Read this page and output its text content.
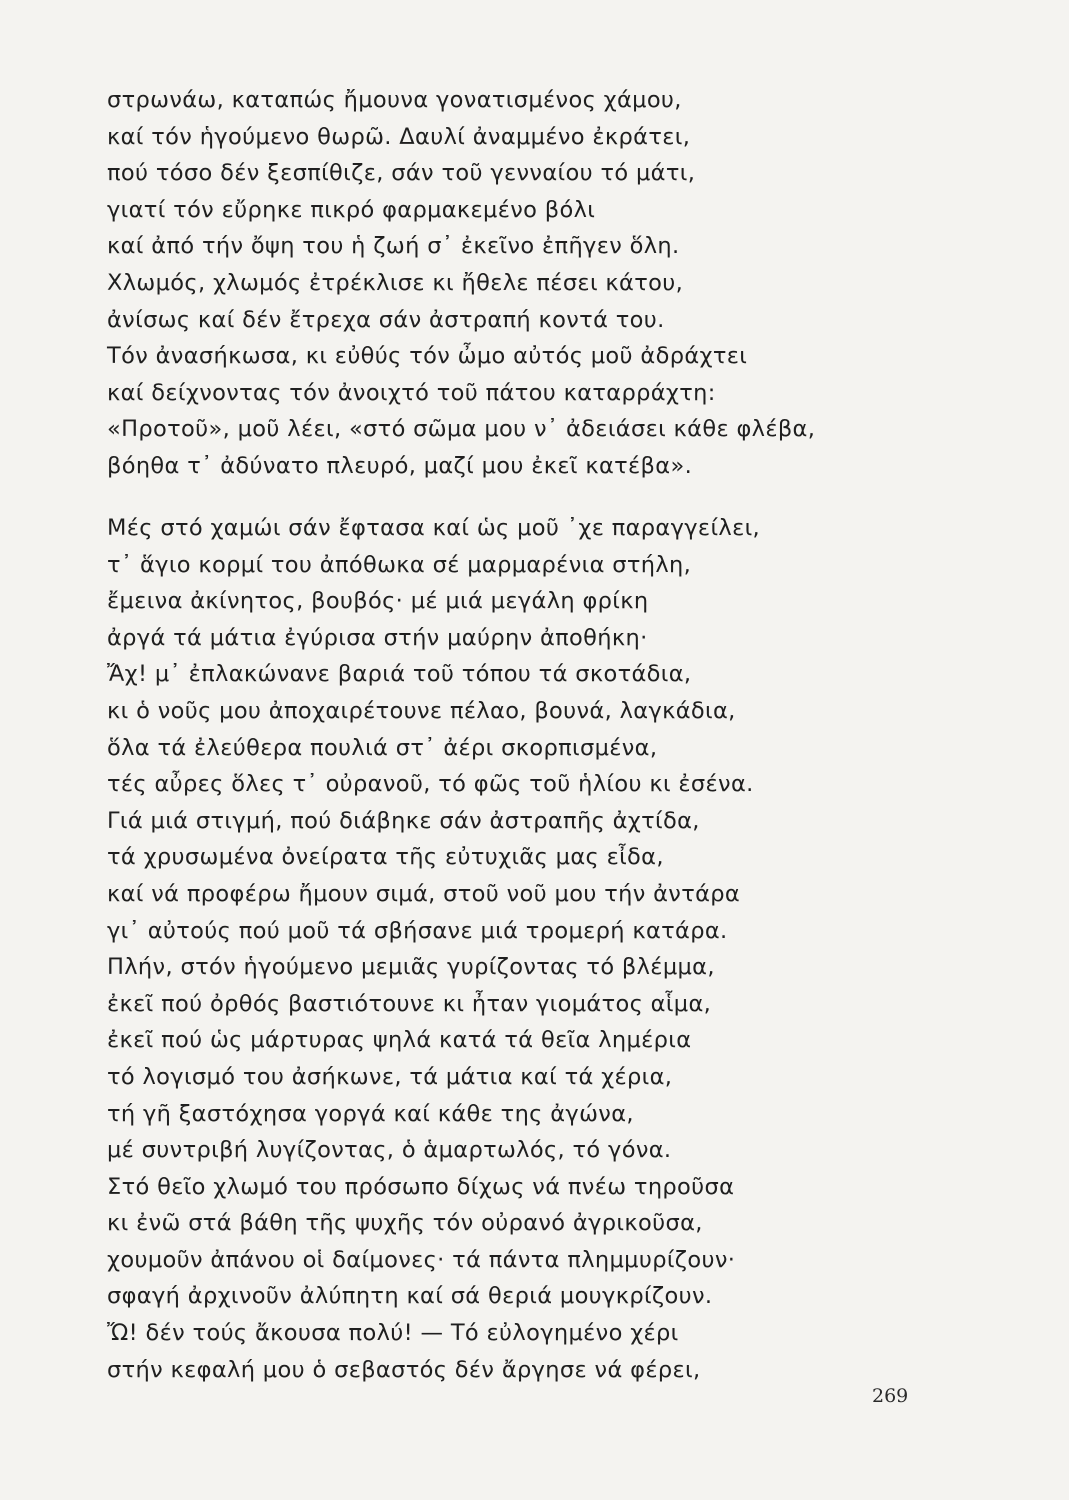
στρωνάω, καταπώς ἤμουνα γονατισμένος χάμου,
καί τόν ἡγούμενο θωρῶ. Δαυλί ἀναμμένο ἐκράτει,
πού τόσο δέν ξεσπίθιζε, σάν τοῦ γενναίου τό μάτι,
γιατί τόν εὔρηκε πικρό φαρμακεμένο βόλι
καί ἀπό τήν ὄψη του ἡ ζωή σ᾿ ἐκεῖνο ἐπῆγεν ὅλη.
Χλωμός, χλωμός ἐτρέκλισε κι ἤθελε πέσει κάτου,
ἀνίσως καί δέν ἔτρεχα σάν ἀστραπή κοντά του.
Τόν ἀνασήκωσα, κι εὐθύς τόν ὦμο αὐτός μοῦ ἀδράχτει
καί δείχνοντας τόν ἀνοιχτό τοῦ πάτου καταρράχτη:
«Προτοῦ», μοῦ λέει, «στό σῶμα μου ν᾿ ἀδειάσει κάθε φλέβα,
βόηθα τ᾿ ἀδύνατο πλευρό, μαζί μου ἐκεῖ κατέβα».
Μές στό χαμώι σάν ἔφτασα καί ὡς μοῦ ᾿χε παραγγείλει,
τ᾿ ἅγιο κορμί του ἀπόθωκα σέ μαρμαρένια στήλη,
ἔμεινα ἀκίνητος, βουβός· μέ μιά μεγάλη φρίκη
ἀργά τά μάτια ἐγύρισα στήν μαύρην ἀποθήκη·
Ἄχ! μ᾿ ἐπλακώνανε βαριά τοῦ τόπου τά σκοτάδια,
κι ὁ νοῦς μου ἀποχαιρέτουνε πέλαο, βουνά, λαγκάδια,
ὅλα τά ἐλεύθερα πουλιά στ᾿ ἀέρι σκορπισμένα,
τές αὖρες ὅλες τ᾿ οὐρανοῦ, τό φῶς τοῦ ἡλίου κι ἐσένα.
Γιά μιά στιγμή, πού διάβηκε σάν ἀστραπῆς ἀχτίδα,
τά χρυσωμένα ὀνείρατα τῆς εὐτυχιᾶς μας εἶδα,
καί νά προφέρω ἤμουν σιμά, στοῦ νοῦ μου τήν ἀντάρα
γι᾿ αὐτούς πού μοῦ τά σβήσανε μιά τρομερή κατάρα.
Πλήν, στόν ἡγούμενο μεμιᾶς γυρίζοντας τό βλέμμα,
ἐκεῖ πού ὀρθός βαστιότουνε κι ἦταν γιομάτος αἷμα,
ἐκεῖ πού ὡς μάρτυρας ψηλά κατά τά θεῖα λημέρια
τό λογισμό του ἀσήκωνε, τά μάτια καί τά χέρια,
τή γῆ ξαστόχησα γοργά καί κάθε της ἀγώνα,
μέ συντριβή λυγίζοντας, ὁ ἁμαρτωλός, τό γόνα.
Στό θεῖο χλωμό του πρόσωπο δίχως νά πνέω τηροῦσα
κι ἐνῶ στά βάθη τῆς ψυχῆς τόν οὐρανό ἀγρικοῦσα,
χουμοῦν ἀπάνου οἱ δαίμονες· τά πάντα πλημμυρίζουν·
σφαγή ἀρχινοῦν ἀλύπητη καί σά θεριά μουγκρίζουν.
Ὤ! δέν τούς ἄκουσα πολύ! — Τό εὐλογημένο χέρι
στήν κεφαλή μου ὁ σεβαστός δέν ἄργησε νά φέρει,
269
